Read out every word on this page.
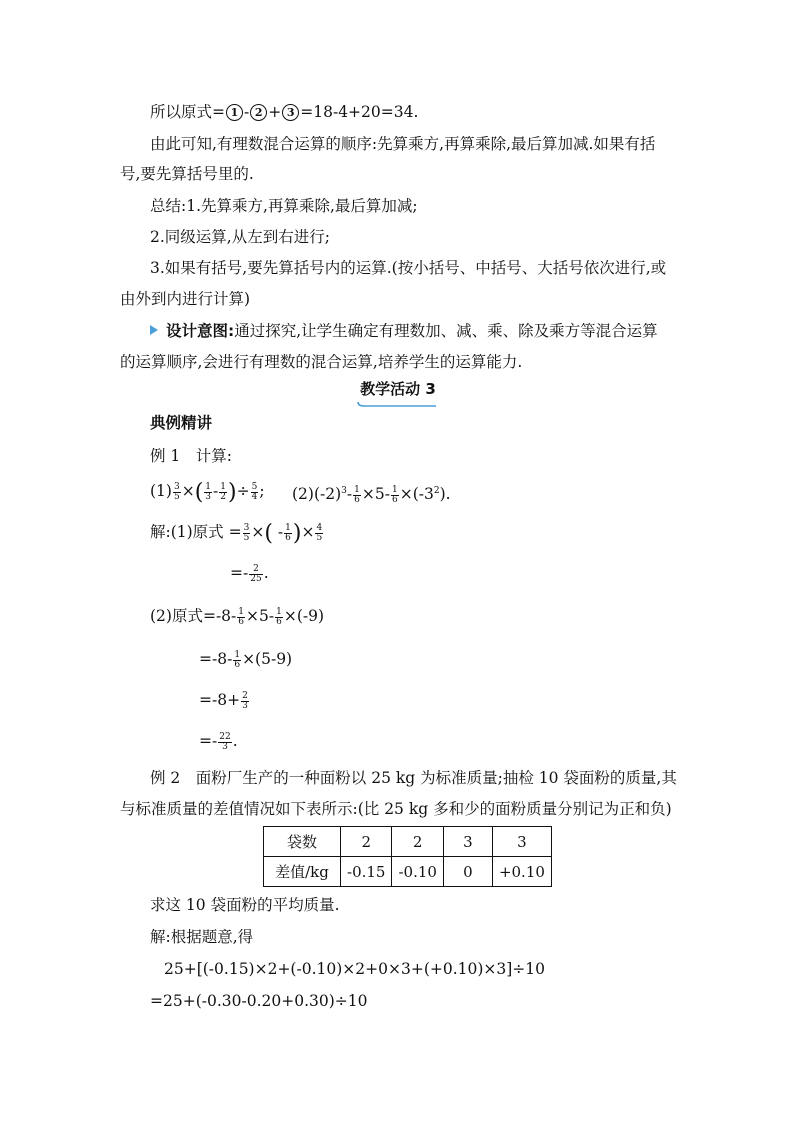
所以原式= 1 - 2 + 3 =18-4+20=34.
由此可知,有理数混合运算的顺序:先算乘方,再算乘除,最后算加减.如果有括
号,要先算括号里的.
总结:1.先算乘方,再算乘除,最后算加减;
2.同级运算,从左到右进行;
3.如果有括号,要先算括号内的运算.(按小括号、中括号、大括号依次进行,或
由外到内进行计算)
设计意图:通过探究,让学生确定有理数加、减、乘、除及乘方等混合运算
的运算顺序,会进行有理数的混合运算,培养学生的运算能力.
教学活动 3
典例精讲
例 1　计算:
$(1) \frac{3}{5}$ ×( $\frac{1}{3} - \frac{1}{2}$ )÷ $\frac{5}{4}$ ; $(2)(-2)^3- \frac{1}{6} \times 5- \frac{1}{6} \times(-3^2)$.
解:(1)原式 = $\frac{3}{5}$ ×( - $\frac{1}{6}$ )× $\frac{4}{5}$
=- $\frac{2}{25}$ .
(2)原式$=-8- \frac{1}{6} \times 5- \frac{1}{6} \times(-9)$
$=-8- \frac{1}{6} \times(5-9)$
$=-8+ \frac{2}{3}$
=- $\frac{22}{3}$ .
例 2　面粉厂生产的一种面粉以 25 kg 为标准质量;抽检 10 袋面粉的质量,其
与标准质量的差值情况如下表所示:(比 25 kg 多和少的面粉质量分别记为正和负)
袋数	2	2	3	3
差值/kg	-0.15	-0.10	0	+0.10
求这 10 袋面粉的平均质量.
解:根据题意,得
25+[(-0.15)×2+(-0.10)×2+0×3+(+0.10)×3]÷10
=25+(-0.30-0.20+0.30)÷10
